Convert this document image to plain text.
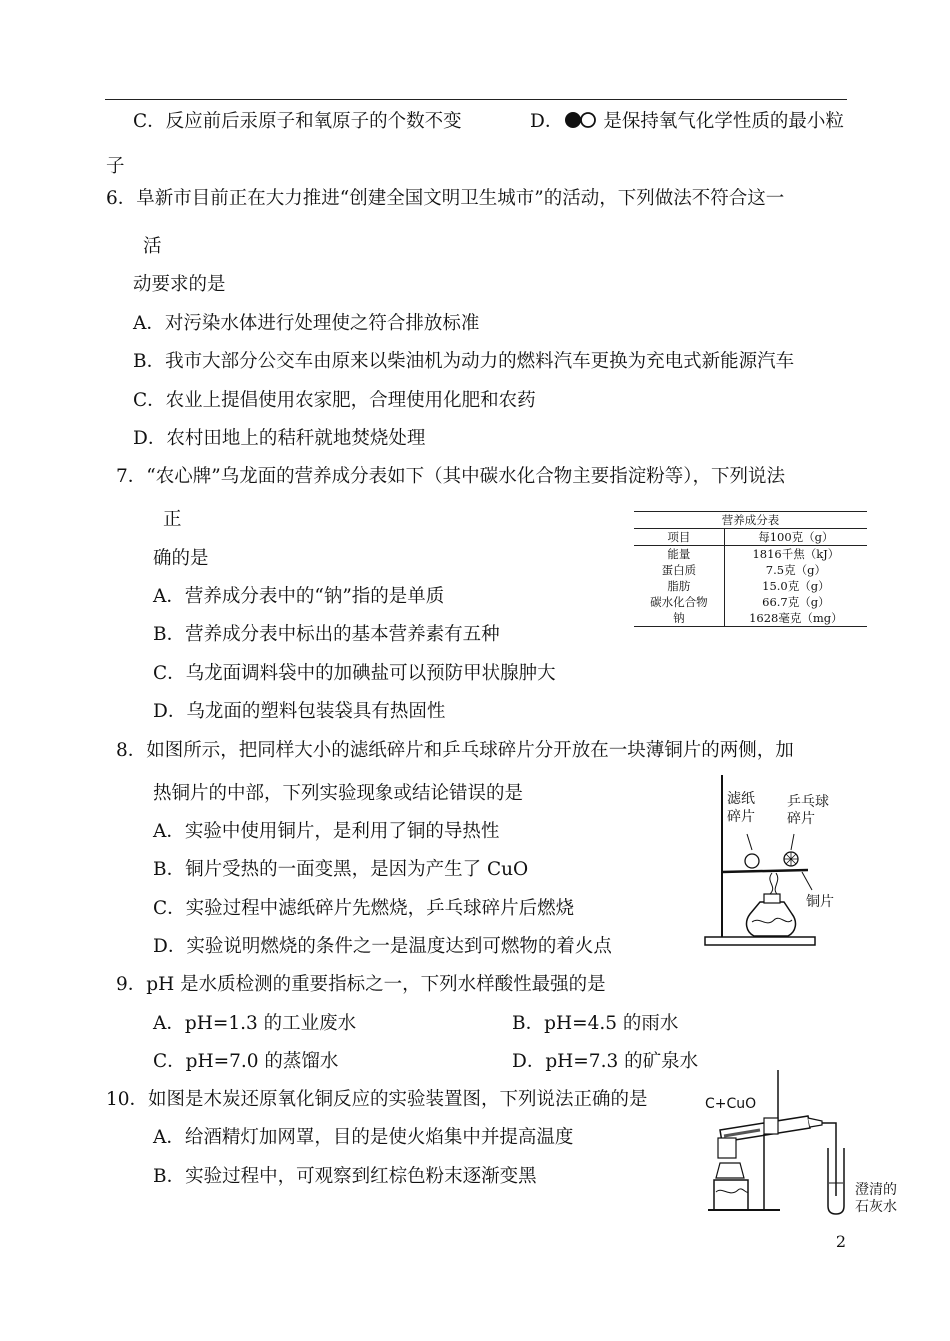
C．反应前后汞原子和氧原子的个数不变	D． 是保持氧气化学性质的最小粒
子
6．阜新市目前正在大力推进“创建全国文明卫生城市”的活动，下列做法不符合这一
活
动要求的是
A．对污染水体进行处理使之符合排放标准
B．我市大部分公交车由原来以柴油机为动力的燃料汽车更换为充电式新能源汽车
C．农业上提倡使用农家肥，合理使用化肥和农药
D．农村田地上的秸秆就地焚烧处理
7．“农心牌”乌龙面的营养成分表如下（其中碳水化合物主要指淀粉等），下列说法
正
确的是
A．营养成分表中的“钠”指的是单质
B．营养成分表中标出的基本营养素有五种
C．乌龙面调料袋中的加碘盐可以预防甲状腺肿大
D．乌龙面的塑料包装袋具有热固性
营养成分表	
项目	每100克（g）
能量	1816千焦（kJ）
蛋白质	7.5克（g）
脂肪	15.0克（g）
碳水化合物	66.7克（g）
钠	1628毫克（mg）
8．如图所示，把同样大小的滤纸碎片和乒乓球碎片分开放在一块薄铜片的两侧，加
热铜片的中部，下列实验现象或结论错误的是
A．实验中使用铜片，是利用了铜的导热性
B．铜片受热的一面变黑，是因为产生了 CuO
C．实验过程中滤纸碎片先燃烧，乒乓球碎片后燃烧
D．实验说明燃烧的条件之一是温度达到可燃物的着火点
滤纸
碎片
乒乓球
碎片
铜片
9．pH 是水质检测的重要指标之一，下列水样酸性最强的是
A．pH=1.3 的工业废水	B．pH=4.5 的雨水
C．pH=7.0 的蒸馏水	D．pH=7.3 的矿泉水
10．如图是木炭还原氧化铜反应的实验装置图，下列说法正确的是
A．给酒精灯加网罩，目的是使火焰集中并提高温度
B．实验过程中，可观察到红棕色粉末逐渐变黑
C+CuO
澄清的
石灰水
2
